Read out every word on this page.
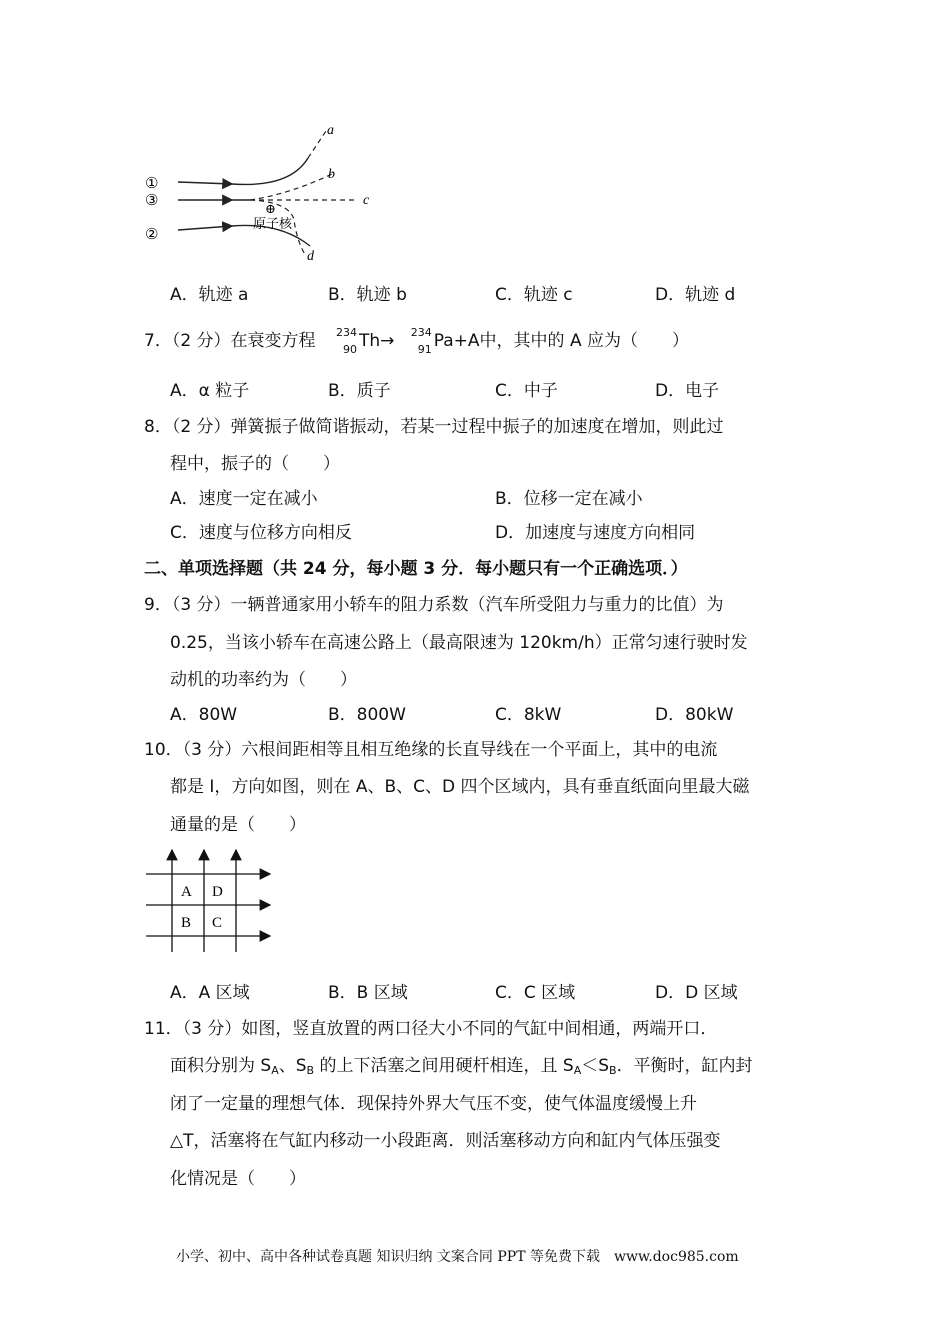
①
③
②
⊕
原子核
a
b
c
d
A．轨迹 a	B．轨迹 b	C．轨迹 c	D．轨迹 d
7．（2 分）在衰变方程 234
90 Th→ 234
91 Pa+A中，其中的 A 应为（　　）
A．α 粒子	B．质子	C．中子	D．电子
8．（2 分）弹簧振子做简谐振动，若某一过程中振子的加速度在增加，则此过
程中，振子的（　　）
A．速度一定在减小	B．位移一定在减小
C．速度与位移方向相反	D．加速度与速度方向相同
二、单项选择题（共 24 分，每小题 3 分．每小题只有一个正确选项．）
9．（3 分）一辆普通家用小轿车的阻力系数（汽车所受阻力与重力的比值）为
0.25，当该小轿车在高速公路上（最高限速为 120km/h）正常匀速行驶时发
动机的功率约为（　　）
A．80W	B．800W	C．8kW	D．80kW
10．（3 分）六根间距相等且相互绝缘的长直导线在一个平面上，其中的电流
都是 I，方向如图，则在 A、B、C、D 四个区域内，具有垂直纸面向里最大磁
通量的是（　　）
A D
B C
A．A 区域	B．B 区域	C．C 区域	D．D 区域
11．（3 分）如图，竖直放置的两口径大小不同的气缸中间相通，两端开口．
面积分别为 SA、SB 的上下活塞之间用硬杆相连，且 SA＜SB．平衡时，缸内封
闭了一定量的理想气体．现保持外界大气压不变，使气体温度缓慢上升
△T，活塞将在气缸内移动一小段距离．则活塞移动方向和缸内气体压强变
化情况是（　　）
小学、初中、高中各种试卷真题 知识归纳 文案合同 PPT 等免费下载　www.doc985.com
